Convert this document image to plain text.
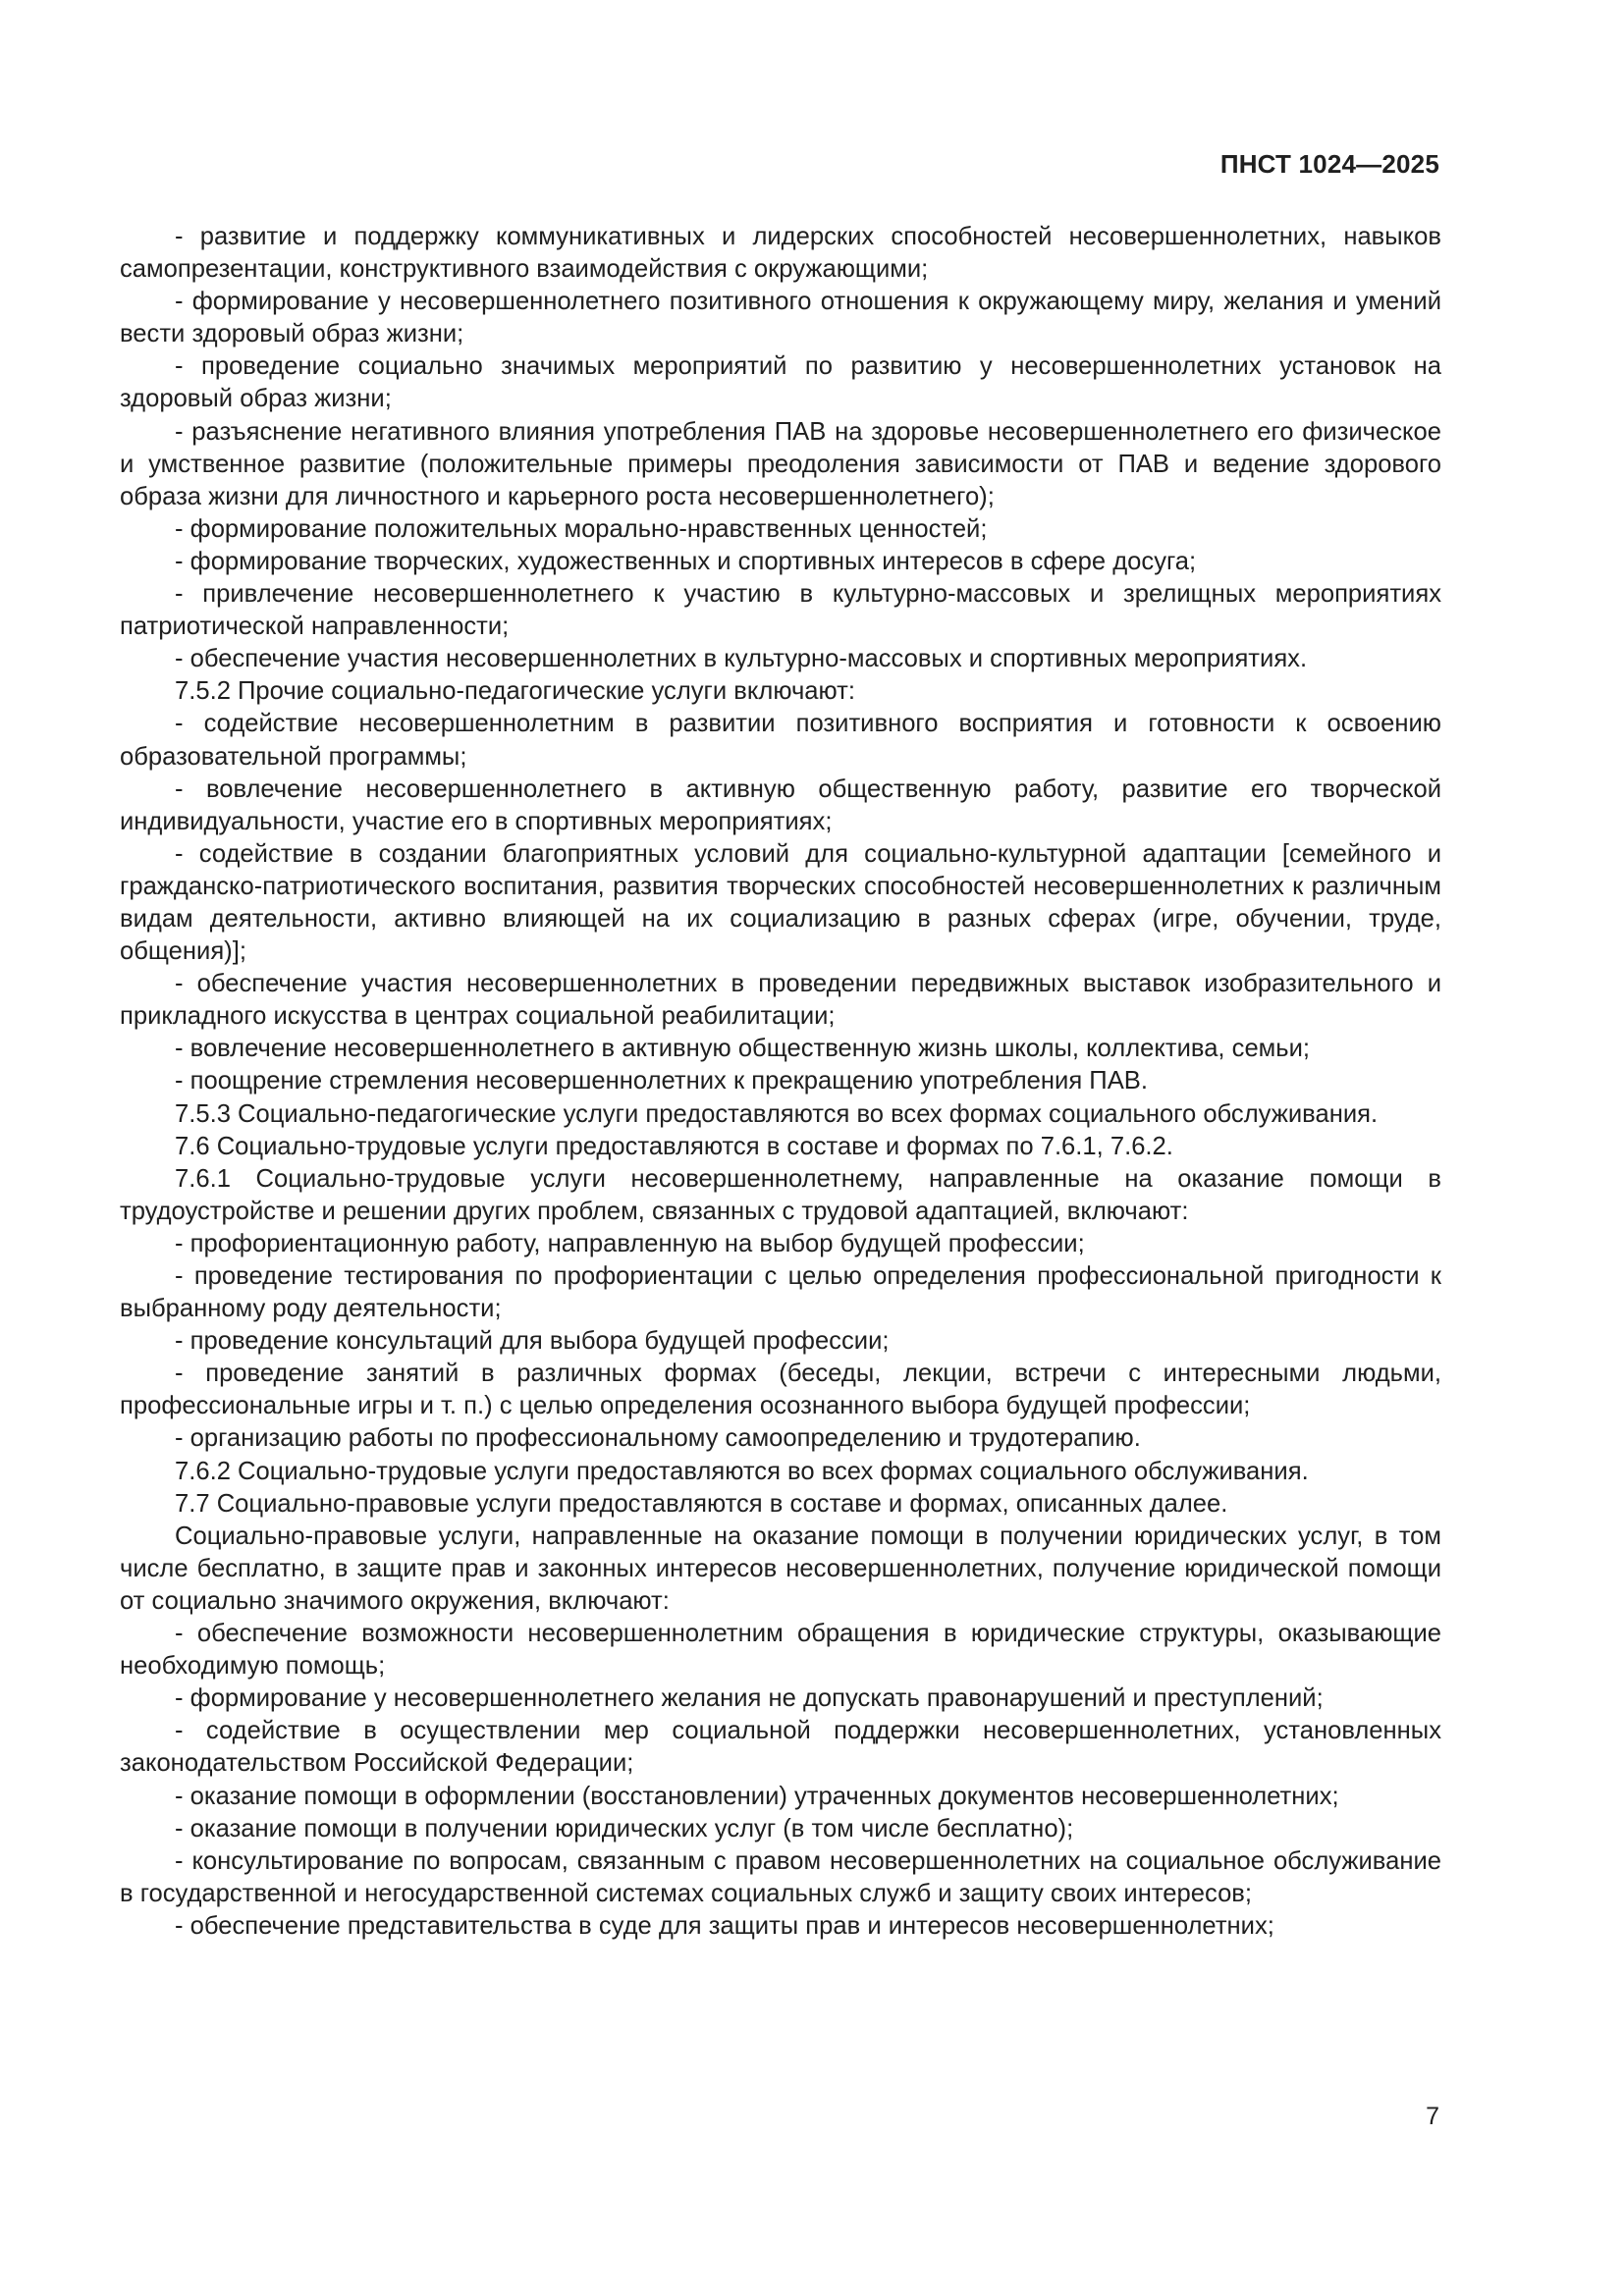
ПНСТ 1024—2025

- развитие и поддержку коммуникативных и лидерских способностей несовершеннолетних, навыков самопрезентации, конструктивного взаимодействия с окружающими;

- формирование у несовершеннолетнего позитивного отношения к окружающему миру, желания и умений вести здоровый образ жизни;

- проведение социально значимых мероприятий по развитию у несовершеннолетних установок на здоровый образ жизни;

- разъяснение негативного влияния употребления ПАВ на здоровье несовершеннолетнего его физическое и умственное развитие (положительные примеры преодоления зависимости от ПАВ и ведение здорового образа жизни для личностного и карьерного роста несовершеннолетнего);

- формирование положительных морально-нравственных ценностей;

- формирование творческих, художественных и спортивных интересов в сфере досуга;

- привлечение несовершеннолетнего к участию в культурно-массовых и зрелищных мероприятиях патриотической направленности;

- обеспечение участия несовершеннолетних в культурно-массовых и спортивных мероприятиях.

7.5.2 Прочие социально-педагогические услуги включают:

- содействие несовершеннолетним в развитии позитивного восприятия и готовности к освоению образовательной программы;

- вовлечение несовершеннолетнего в активную общественную работу, развитие его творческой индивидуальности, участие его в спортивных мероприятиях;

- содействие в создании благоприятных условий для социально-культурной адаптации [семейного и гражданско-патриотического воспитания, развития творческих способностей несовершеннолетних к различным видам деятельности, активно влияющей на их социализацию в разных сферах (игре, обучении, труде, общения)];

- обеспечение участия несовершеннолетних в проведении передвижных выставок изобразительного и прикладного искусства в центрах социальной реабилитации;

- вовлечение несовершеннолетнего в активную общественную жизнь школы, коллектива, семьи;

- поощрение стремления несовершеннолетних к прекращению употребления ПАВ.

7.5.3 Социально-педагогические услуги предоставляются во всех формах социального обслуживания.

7.6 Социально-трудовые услуги предоставляются в составе и формах по 7.6.1, 7.6.2.

7.6.1 Социально-трудовые услуги несовершеннолетнему, направленные на оказание помощи в трудоустройстве и решении других проблем, связанных с трудовой адаптацией, включают:

- профориентационную работу, направленную на выбор будущей профессии;

- проведение тестирования по профориентации с целью определения профессиональной пригодности к выбранному роду деятельности;

- проведение консультаций для выбора будущей профессии;

- проведение занятий в различных формах (беседы, лекции, встречи с интересными людьми, профессиональные игры и т. п.) с целью определения осознанного выбора будущей профессии;

- организацию работы по профессиональному самоопределению и трудотерапию.

7.6.2 Социально-трудовые услуги предоставляются во всех формах социального обслуживания.

7.7 Социально-правовые услуги предоставляются в составе и формах, описанных далее.

Социально-правовые услуги, направленные на оказание помощи в получении юридических услуг, в том числе бесплатно, в защите прав и законных интересов несовершеннолетних, получение юридической помощи от социально значимого окружения, включают:

- обеспечение возможности несовершеннолетним обращения в юридические структуры, оказывающие необходимую помощь;

- формирование у несовершеннолетнего желания не допускать правонарушений и преступлений;

- содействие в осуществлении мер социальной поддержки несовершеннолетних, установленных законодательством Российской Федерации;

- оказание помощи в оформлении (восстановлении) утраченных документов несовершеннолетних;

- оказание помощи в получении юридических услуг (в том числе бесплатно);

- консультирование по вопросам, связанным с правом несовершеннолетних на социальное обслуживание в государственной и негосударственной системах социальных служб и защиту своих интересов;

- обеспечение представительства в суде для защиты прав и интересов несовершеннолетних;

7
